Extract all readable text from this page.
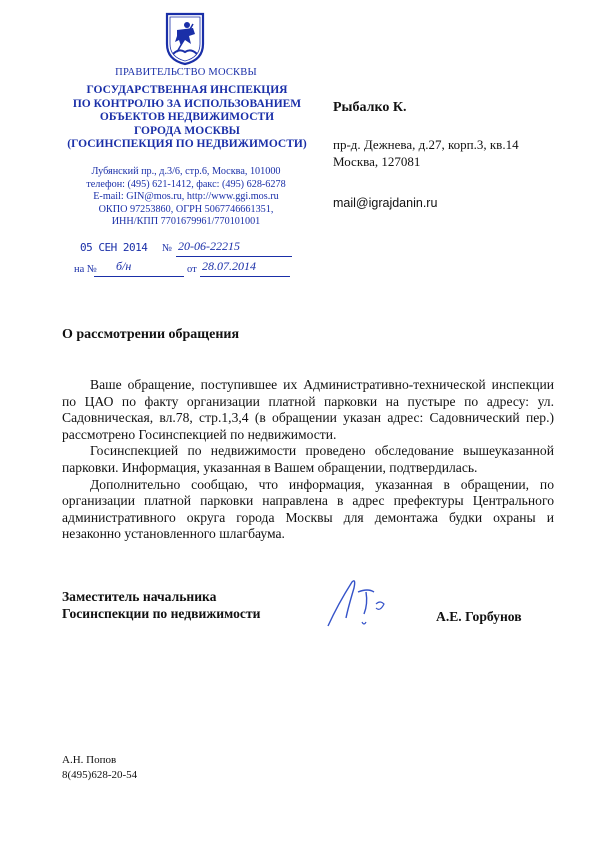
ПРАВИТЕЛЬСТВО МОСКВЫ
ГОСУДАРСТВЕННАЯ ИНСПЕКЦИЯ
ПО КОНТРОЛЮ ЗА ИСПОЛЬЗОВАНИЕМ
ОБЪЕКТОВ НЕДВИЖИМОСТИ
ГОРОДА МОСКВЫ
(ГОСИНСПЕКЦИЯ ПО НЕДВИЖИМОСТИ)
Лубянский пр., д.3/6, стр.6, Москва, 101000
телефон: (495) 621-1412, факс: (495) 628-6278
E-mail: GIN@mos.ru, http://www.ggi.mos.ru
ОКПО 97253860, ОГРН 5067746661351,
ИНН/КПП 7701679961/770101001
05 СЕН 2014 № 20-06-22215
на № б/н	от 28.07.2014
Рыбалко К.
пр-д. Дежнева, д.27, корп.3, кв.14
Москва, 127081
mail@igrajdanin.ru
О рассмотрении обращения

Ваше обращение, поступившее их Административно-технической инспекции по ЦАО по факту организации платной парковки на пустыре по адресу: ул. Садовническая, вл.78, стр.1,3,4 (в обращении указан адрес: Садовнический пер.) рассмотрено Госинспекцией по недвижимости.

Госинспекцией по недвижимости проведено обследование вышеуказанной парковки. Информация, указанная в Вашем обращении, подтвердилась.

Дополнительно сообщаю, что информация, указанная в обращении, по организации платной парковки направлена в адрес префектуры Центрального административного округа города Москвы для демонтажа будки охраны и незаконно установленного шлагбаума.

Заместитель начальника
Госинспекции по недвижимости	А.Е. Горбунов
А.Н. Попов
8(495)628-20-54
